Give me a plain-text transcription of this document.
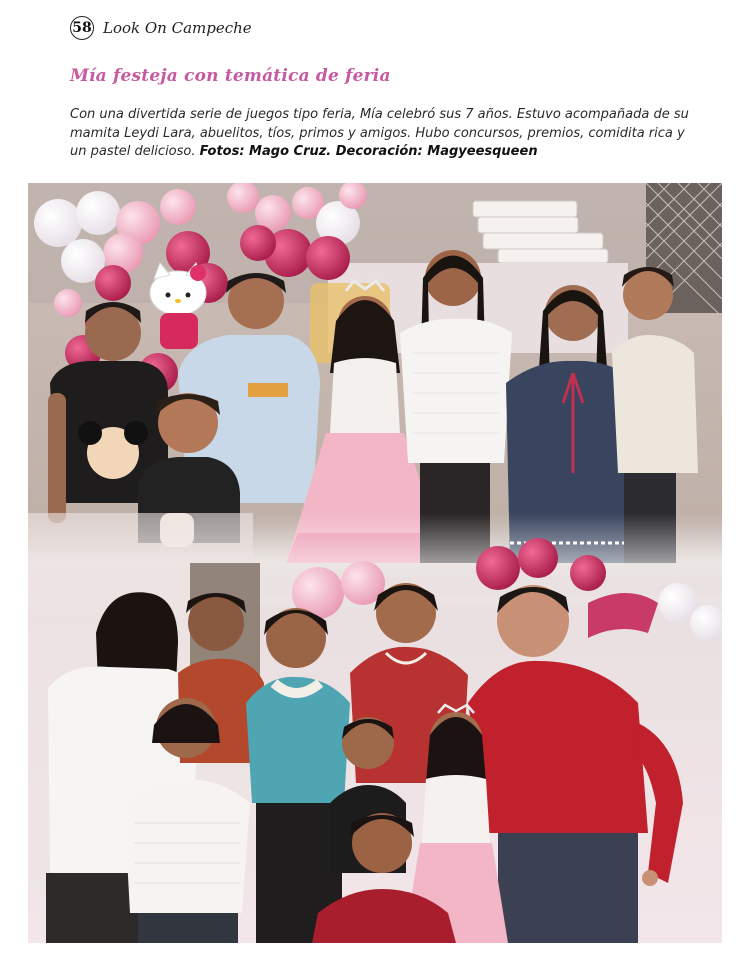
58 Look On Campeche
Mía festeja con temática de feria
Con una divertida serie de juegos tipo feria, Mía celebró sus 7 años. Estuvo acompañada de su mamita Leydi Lara, abuelitos, tíos, primos y amigos. Hubo concursos, premios, comidita rica y un pastel delicioso. Fotos: Mago Cruz. Decoración: Magyeesqueen
